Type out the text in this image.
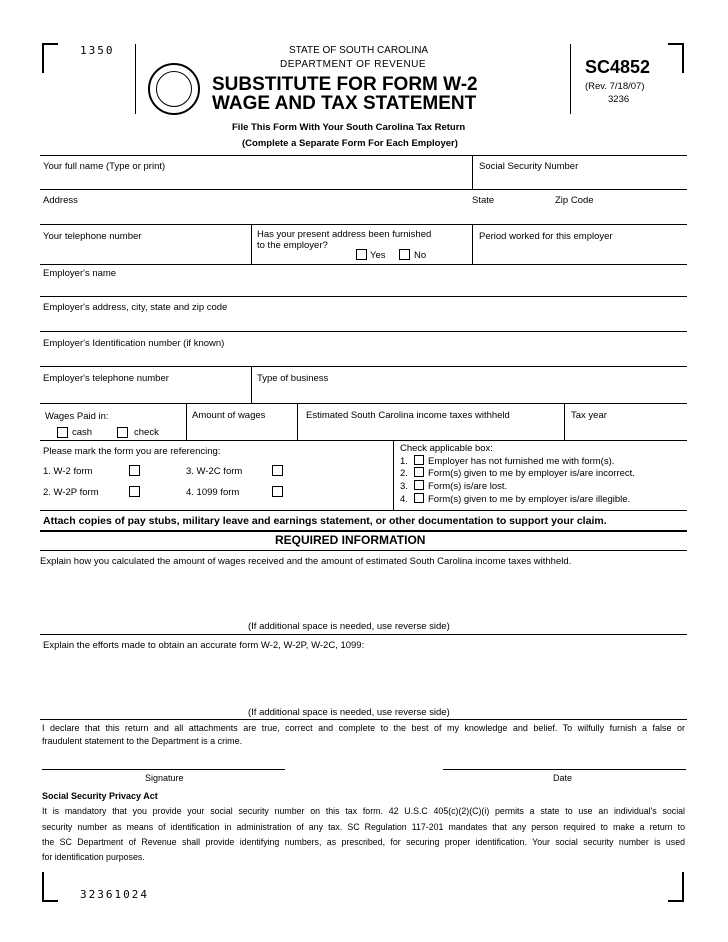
1350	STATE OF SOUTH CAROLINA
DEPARTMENT OF REVENUE
SUBSTITUTE FOR FORM W-2
WAGE AND TAX STATEMENT
SC4852
(Rev. 7/18/07)
3236
File This Form With Your South Carolina Tax Return
(Complete a Separate Form For Each Employer)
Your full name (Type or print)	Social Security Number
Address	State	Zip Code
Your telephone number	Has your present address been furnished
to the employer?
Yes	No
Period worked for this employer
Employer's name
Employer's address, city, state and zip code
Employer's Identification number (if known)
Employer's telephone number	Type of business
Wages Paid in:
cash	check
Amount of wages	Estimated South Carolina income taxes withheld	Tax year
Please mark the form you are referencing:
1. W-2 form	3. W-2C form
2. W-2P form	4. 1099 form
Check applicable box:
1. Employer has not furnished me with form(s).
2. Form(s) given to me by employer is/are incorrect.
3. Form(s) is/are lost.
4. Form(s) given to me by employer is/are illegible.
Attach copies of pay stubs, military leave and earnings statement, or other documentation to support your claim.
REQUIRED INFORMATION
Explain how you calculated the amount of wages received and the amount of estimated South Carolina income taxes withheld.
(If additional space is needed, use reverse side)
Explain the efforts made to obtain an accurate form W-2, W-2P, W-2C, 1099:
(If additional space is needed, use reverse side)
I declare that this return and all attachments are true, correct and complete to the best of my knowledge and belief. To wilfully furnish a false or
fraudulent statement to the Department is a crime.
Signature	Date
Social Security Privacy Act
It is mandatory that you provide your social security number on this tax form. 42 U.S.C 405(c)(2)(C)(i) permits a state to use an individual's social
security number as means of identification in administration of any tax. SC Regulation 117-201 mandates that any person required to make a return to
the SC Department of Revenue shall provide identifying numbers, as prescribed, for securing proper identification. Your social security number is used
for identification purposes.
32361024
